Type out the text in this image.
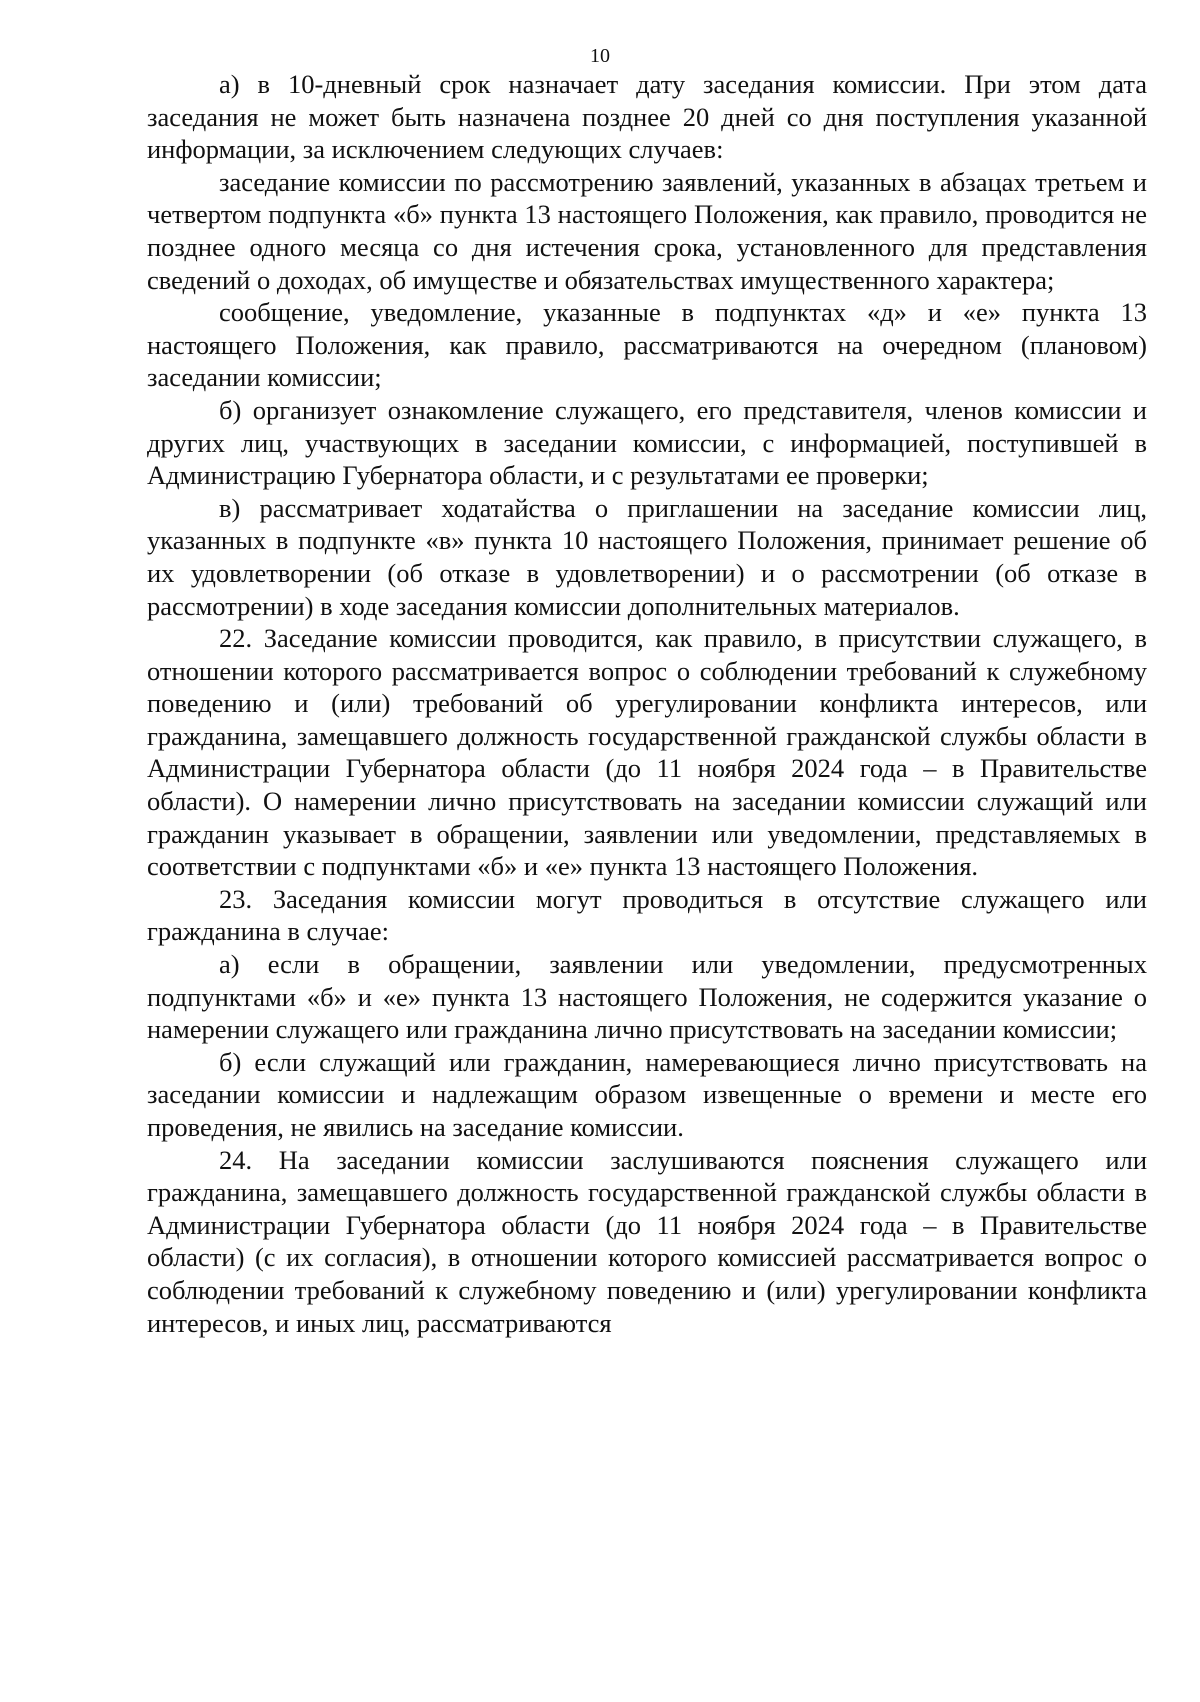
10

а) в 10-дневный срок назначает дату заседания комиссии. При этом дата заседания не может быть назначена позднее 20 дней со дня поступления указанной информации, за исключением следующих случаев:

заседание комиссии по рассмотрению заявлений, указанных в абзацах третьем и четвертом подпункта «б» пункта 13 настоящего Положения, как правило, проводится не позднее одного месяца со дня истечения срока, установленного для представления сведений о доходах, об имуществе и обязательствах имущественного характера;

сообщение, уведомление, указанные в подпунктах «д» и «е» пункта 13 настоящего Положения, как правило, рассматриваются на очередном (плановом) заседании комиссии;

б) организует ознакомление служащего, его представителя, членов комиссии и других лиц, участвующих в заседании комиссии, с информацией, поступившей в Администрацию Губернатора области, и с результатами ее проверки;

в) рассматривает ходатайства о приглашении на заседание комиссии лиц, указанных в подпункте «в» пункта 10 настоящего Положения, принимает решение об их удовлетворении (об отказе в удовлетворении) и о рассмотрении (об отказе в рассмотрении) в ходе заседания комиссии дополнительных материалов.

22. Заседание комиссии проводится, как правило, в присутствии служащего, в отношении которого рассматривается вопрос о соблюдении требований к служебному поведению и (или) требований об урегулировании конфликта интересов, или гражданина, замещавшего должность государственной гражданской службы области в Администрации Губернатора области (до 11 ноября 2024 года – в Правительстве области). О намерении лично присутствовать на заседании комиссии служащий или гражданин указывает в обращении, заявлении или уведомлении, представляемых в соответствии с подпунктами «б» и «е» пункта 13 настоящего Положения.

23. Заседания комиссии могут проводиться в отсутствие служащего или гражданина в случае:

а) если в обращении, заявлении или уведомлении, предусмотренных подпунктами «б» и «е» пункта 13 настоящего Положения, не содержится указание о намерении служащего или гражданина лично присутствовать на заседании комиссии;

б) если служащий или гражданин, намеревающиеся лично присутствовать на заседании комиссии и надлежащим образом извещенные о времени и месте его проведения, не явились на заседание комиссии.

24. На заседании комиссии заслушиваются пояснения служащего или гражданина, замещавшего должность государственной гражданской службы области в Администрации Губернатора области (до 11 ноября 2024 года – в Правительстве области) (с их согласия), в отношении которого комиссией рассматривается вопрос о соблюдении требований к служебному поведению и (или) урегулировании конфликта интересов, и иных лиц, рассматриваются
